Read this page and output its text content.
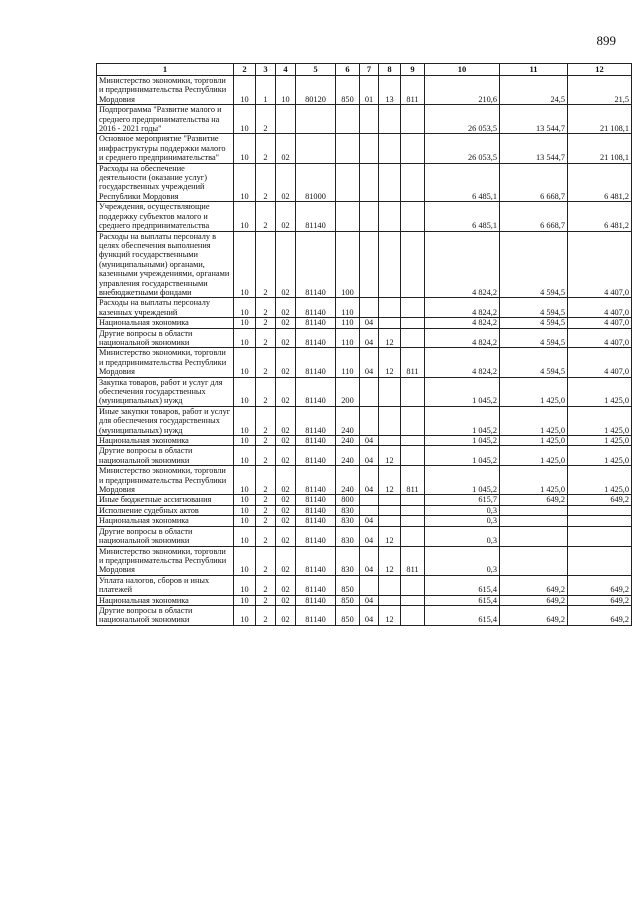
899
1	2	3	4	5	6	7	8	9	10	11	12
Министерство экономики, торговли и предпринимательства Республики Мордовия	10	1	10	80120	850	01	13	811	210,6	24,5	21,5
Подпрограмма "Развитие малого и среднего предпринимательства на 2016 - 2021 годы"	10	2							26 053,5	13 544,7	21 108,1
Основное мероприятие "Развитие инфраструктуры поддержки малого и среднего предпринимательства"	10	2	02						26 053,5	13 544,7	21 108,1
Расходы на обеспечение деятельности (оказание услуг) государственных учреждений Республики Мордовия	10	2	02	81000					6 485,1	6 668,7	6 481,2
Учреждения, осуществляющие поддержку субъектов малого и среднего предпринимательства	10	2	02	81140					6 485,1	6 668,7	6 481,2
Расходы на выплаты персоналу в целях обеспечения выполнения функций государственными (муниципальными) органами, казенными учреждениями, органами управления государственными внебюджетными фондами	10	2	02	81140	100				4 824,2	4 594,5	4 407,0
Расходы на выплаты персоналу казенных учреждений	10	2	02	81140	110				4 824,2	4 594,5	4 407,0
Национальная экономика	10	2	02	81140	110	04			4 824,2	4 594,5	4 407,0
Другие вопросы в области национальной экономики	10	2	02	81140	110	04	12		4 824,2	4 594,5	4 407,0
Министерство экономики, торговли и предпринимательства Республики Мордовия	10	2	02	81140	110	04	12	811	4 824,2	4 594,5	4 407,0
Закупка товаров, работ и услуг для обеспечения государственных (муниципальных) нужд	10	2	02	81140	200				1 045,2	1 425,0	1 425,0
Иные закупки товаров, работ и услуг для обеспечения государственных (муниципальных) нужд	10	2	02	81140	240				1 045,2	1 425,0	1 425,0
Национальная экономика	10	2	02	81140	240	04			1 045,2	1 425,0	1 425,0
Другие вопросы в области национальной экономики	10	2	02	81140	240	04	12		1 045,2	1 425,0	1 425,0
Министерство экономики, торговли и предпринимательства Республики Мордовия	10	2	02	81140	240	04	12	811	1 045,2	1 425,0	1 425,0
Иные бюджетные ассигнования	10	2	02	81140	800				615,7	649,2	649,2
Исполнение судебных актов	10	2	02	81140	830				0,3		
Национальная экономика	10	2	02	81140	830	04			0,3		
Другие вопросы в области национальной экономики	10	2	02	81140	830	04	12		0,3		
Министерство экономики, торговли и предпринимательства Республики Мордовия	10	2	02	81140	830	04	12	811	0,3		
Уплата налогов, сборов и иных платежей	10	2	02	81140	850				615,4	649,2	649,2
Национальная экономика	10	2	02	81140	850	04			615,4	649,2	649,2
Другие вопросы в области национальной экономики	10	2	02	81140	850	04	12		615,4	649,2	649,2
